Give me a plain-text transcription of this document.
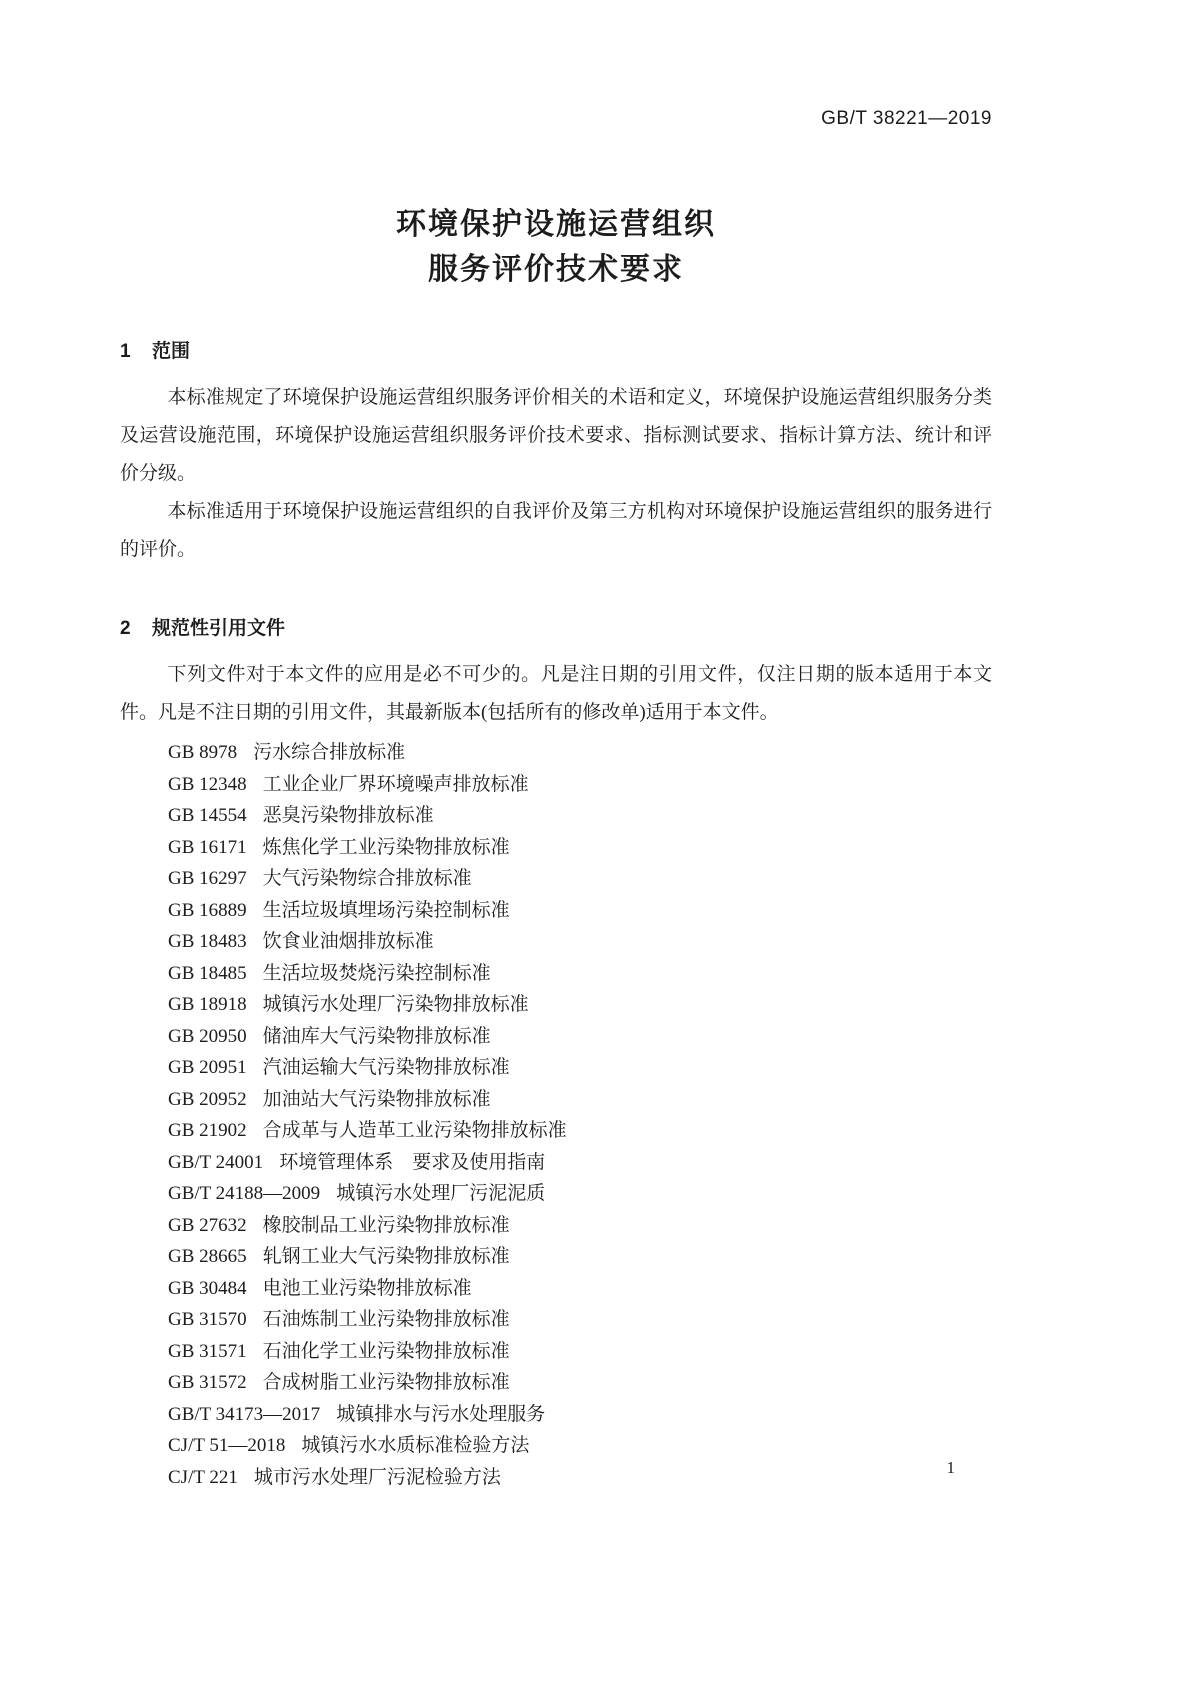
GB/T 38221—2019
环境保护设施运营组织
服务评价技术要求
1 范围

本标准规定了环境保护设施运营组织服务评价相关的术语和定义，环境保护设施运营组织服务分类及运营设施范围，环境保护设施运营组织服务评价技术要求、指标测试要求、指标计算方法、统计和评价分级。

本标准适用于环境保护设施运营组织的自我评价及第三方机构对环境保护设施运营组织的服务进行的评价。

2 规范性引用文件

下列文件对于本文件的应用是必不可少的。凡是注日期的引用文件，仅注日期的版本适用于本文件。凡是不注日期的引用文件，其最新版本(包括所有的修改单)适用于本文件。

GB 8978 污水综合排放标准
GB 12348 工业企业厂界环境噪声排放标准
GB 14554 恶臭污染物排放标准
GB 16171 炼焦化学工业污染物排放标准
GB 16297 大气污染物综合排放标准
GB 16889 生活垃圾填埋场污染控制标准
GB 18483 饮食业油烟排放标准
GB 18485 生活垃圾焚烧污染控制标准
GB 18918 城镇污水处理厂污染物排放标准
GB 20950 储油库大气污染物排放标准
GB 20951 汽油运输大气污染物排放标准
GB 20952 加油站大气污染物排放标准
GB 21902 合成革与人造革工业污染物排放标准
GB/T 24001 环境管理体系　要求及使用指南
GB/T 24188—2009 城镇污水处理厂污泥泥质
GB 27632 橡胶制品工业污染物排放标准
GB 28665 轧钢工业大气污染物排放标准
GB 30484 电池工业污染物排放标准
GB 31570 石油炼制工业污染物排放标准
GB 31571 石油化学工业污染物排放标准
GB 31572 合成树脂工业污染物排放标准
GB/T 34173—2017 城镇排水与污水处理服务
CJ/T 51—2018 城镇污水水质标准检验方法
CJ/T 221 城市污水处理厂污泥检验方法	1
